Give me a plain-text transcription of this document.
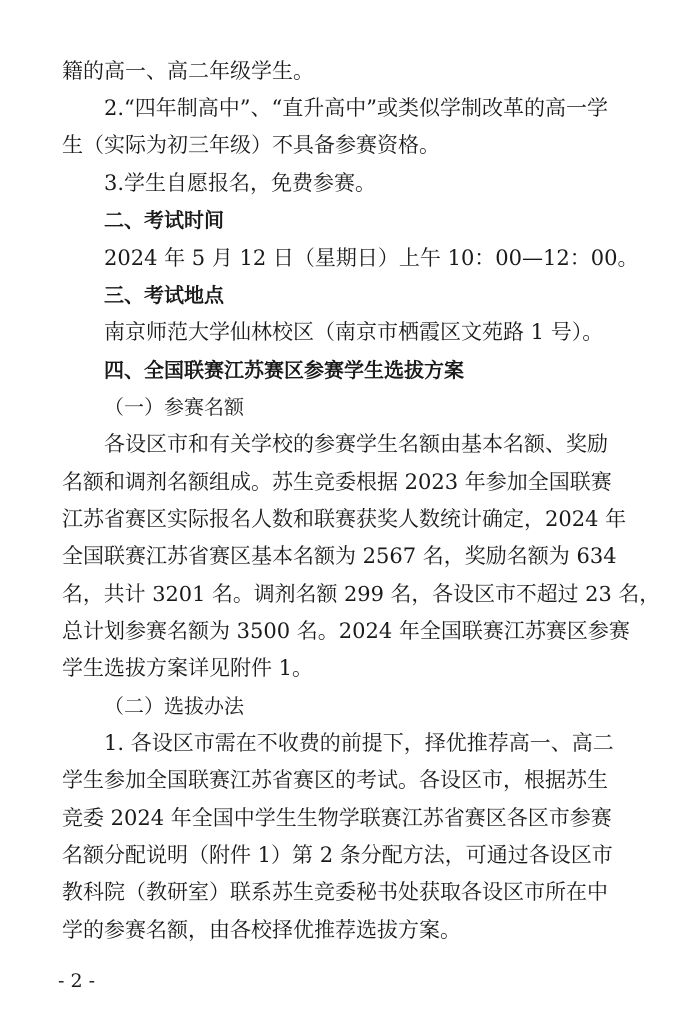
籍的高一、高二年级学生。
2.“四年制高中”、“直升高中”或类似学制改革的高一学
生（实际为初三年级）不具备参赛资格。
3.学生自愿报名，免费参赛。
二、考试时间
2024 年 5 月 12 日（星期日）上午 10：00—12：00。
三、考试地点
南京师范大学仙林校区（南京市栖霞区文苑路 1 号）。
四、全国联赛江苏赛区参赛学生选拔方案
（一）参赛名额
各设区市和有关学校的参赛学生名额由基本名额、奖励
名额和调剂名额组成。苏生竞委根据 2023 年参加全国联赛
江苏省赛区实际报名人数和联赛获奖人数统计确定，2024 年
全国联赛江苏省赛区基本名额为 2567 名，奖励名额为 634
名，共计 3201 名。调剂名额 299 名，各设区市不超过 23 名，
总计划参赛名额为 3500 名。2024 年全国联赛江苏赛区参赛
学生选拔方案详见附件 1。
（二）选拔办法
1. 各设区市需在不收费的前提下，择优推荐高一、高二
学生参加全国联赛江苏省赛区的考试。各设区市，根据苏生
竞委 2024 年全国中学生生物学联赛江苏省赛区各区市参赛
名额分配说明（附件 1）第 2 条分配方法，可通过各设区市
教科院（教研室）联系苏生竞委秘书处获取各设区市所在中
学的参赛名额，由各校择优推荐选拔方案。
- 2 -
